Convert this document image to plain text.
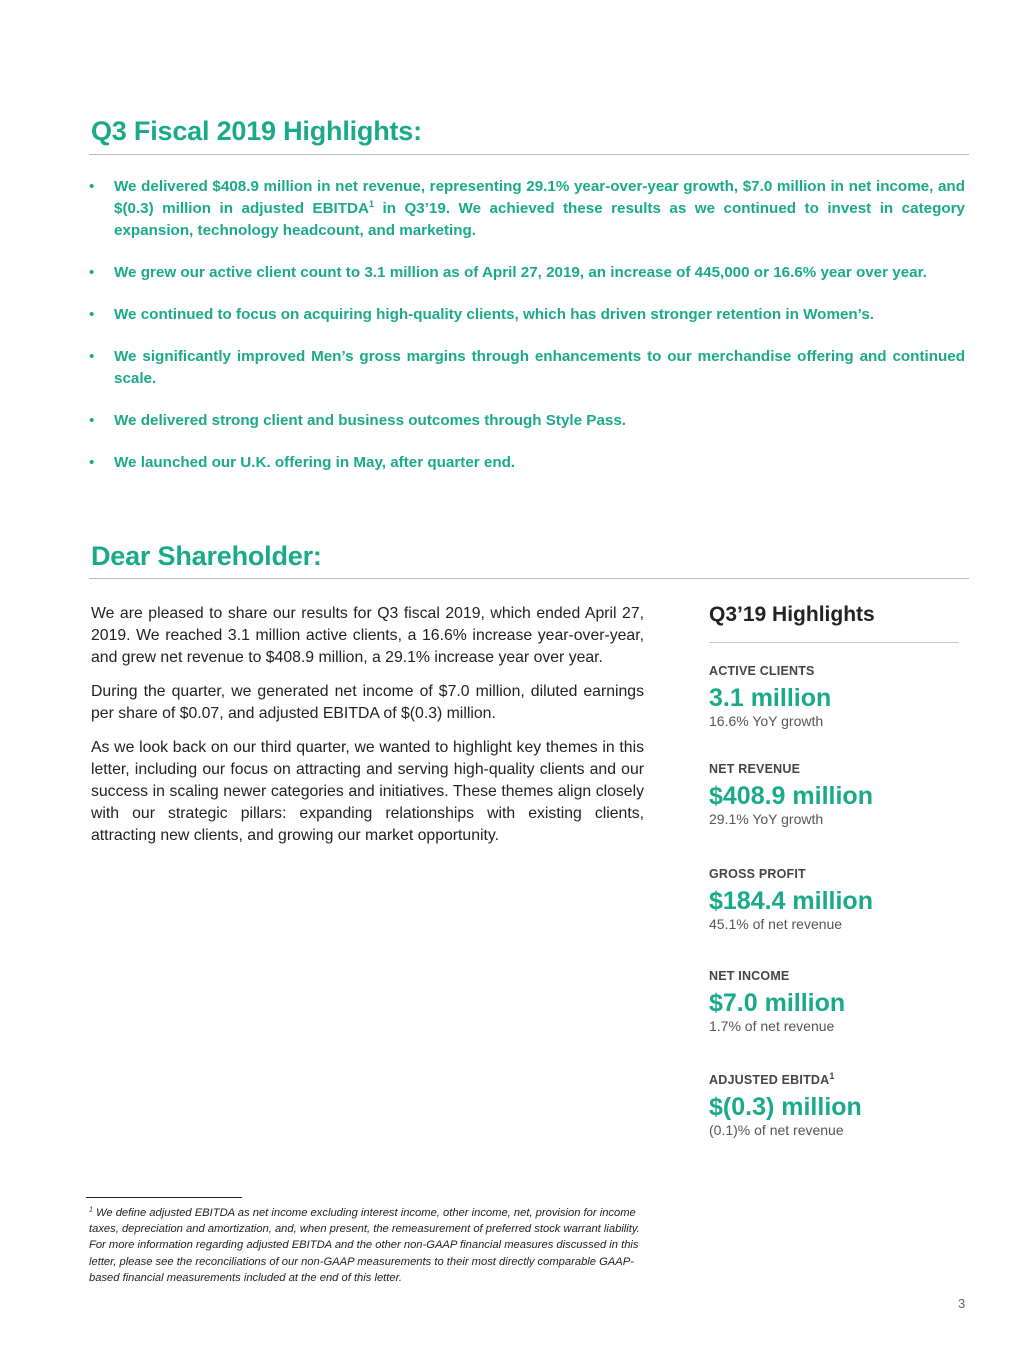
Q3 Fiscal 2019 Highlights:
• We delivered $408.9 million in net revenue, representing 29.1% year-over-year growth, $7.0 million in net income, and $(0.3) million in adjusted EBITDA$^1$ in Q3’19. We achieved these results as we continued to invest in category expansion, technology headcount, and marketing.
• We grew our active client count to 3.1 million as of April 27, 2019, an increase of 445,000 or 16.6% year over year.
• We continued to focus on acquiring high-quality clients, which has driven stronger retention in Women’s.
• We significantly improved Men’s gross margins through enhancements to our merchandise offering and continued scale.
• We delivered strong client and business outcomes through Style Pass.
• We launched our U.K. offering in May, after quarter end.
Dear Shareholder:

We are pleased to share our results for Q3 fiscal 2019, which ended April 27, 2019. We reached 3.1 million active clients, a 16.6% increase year-over-year, and grew net revenue to $408.9 million, a 29.1% increase year over year.

During the quarter, we generated net income of $7.0 million, diluted earnings per share of $0.07, and adjusted EBITDA of $(0.3) million.

As we look back on our third quarter, we wanted to highlight key themes in this letter, including our focus on attracting and serving high-quality clients and our success in scaling newer categories and initiatives. These themes align closely with our strategic pillars: expanding relationships with existing clients, attracting new clients, and growing our market opportunity.

Q3’19 Highlights
ACTIVE CLIENTS
3.1 million
16.6% YoY growth
NET REVENUE
$408.9 million
29.1% YoY growth
GROSS PROFIT
$184.4 million
45.1% of net revenue
NET INCOME
$7.0 million
1.7% of net revenue
ADJUSTED EBITDA$^1$
$(0.3) million
(0.1)% of net revenue
$^1$ We define adjusted EBITDA as net income excluding interest income, other income, net, provision for income taxes, depreciation and amortization, and, when present, the remeasurement of preferred stock warrant liability. For more information regarding adjusted EBITDA and the other non-GAAP financial measures discussed in this letter, please see the reconciliations of our non-GAAP measurements to their most directly comparable GAAP-based financial measurements included at the end of this letter.
3
